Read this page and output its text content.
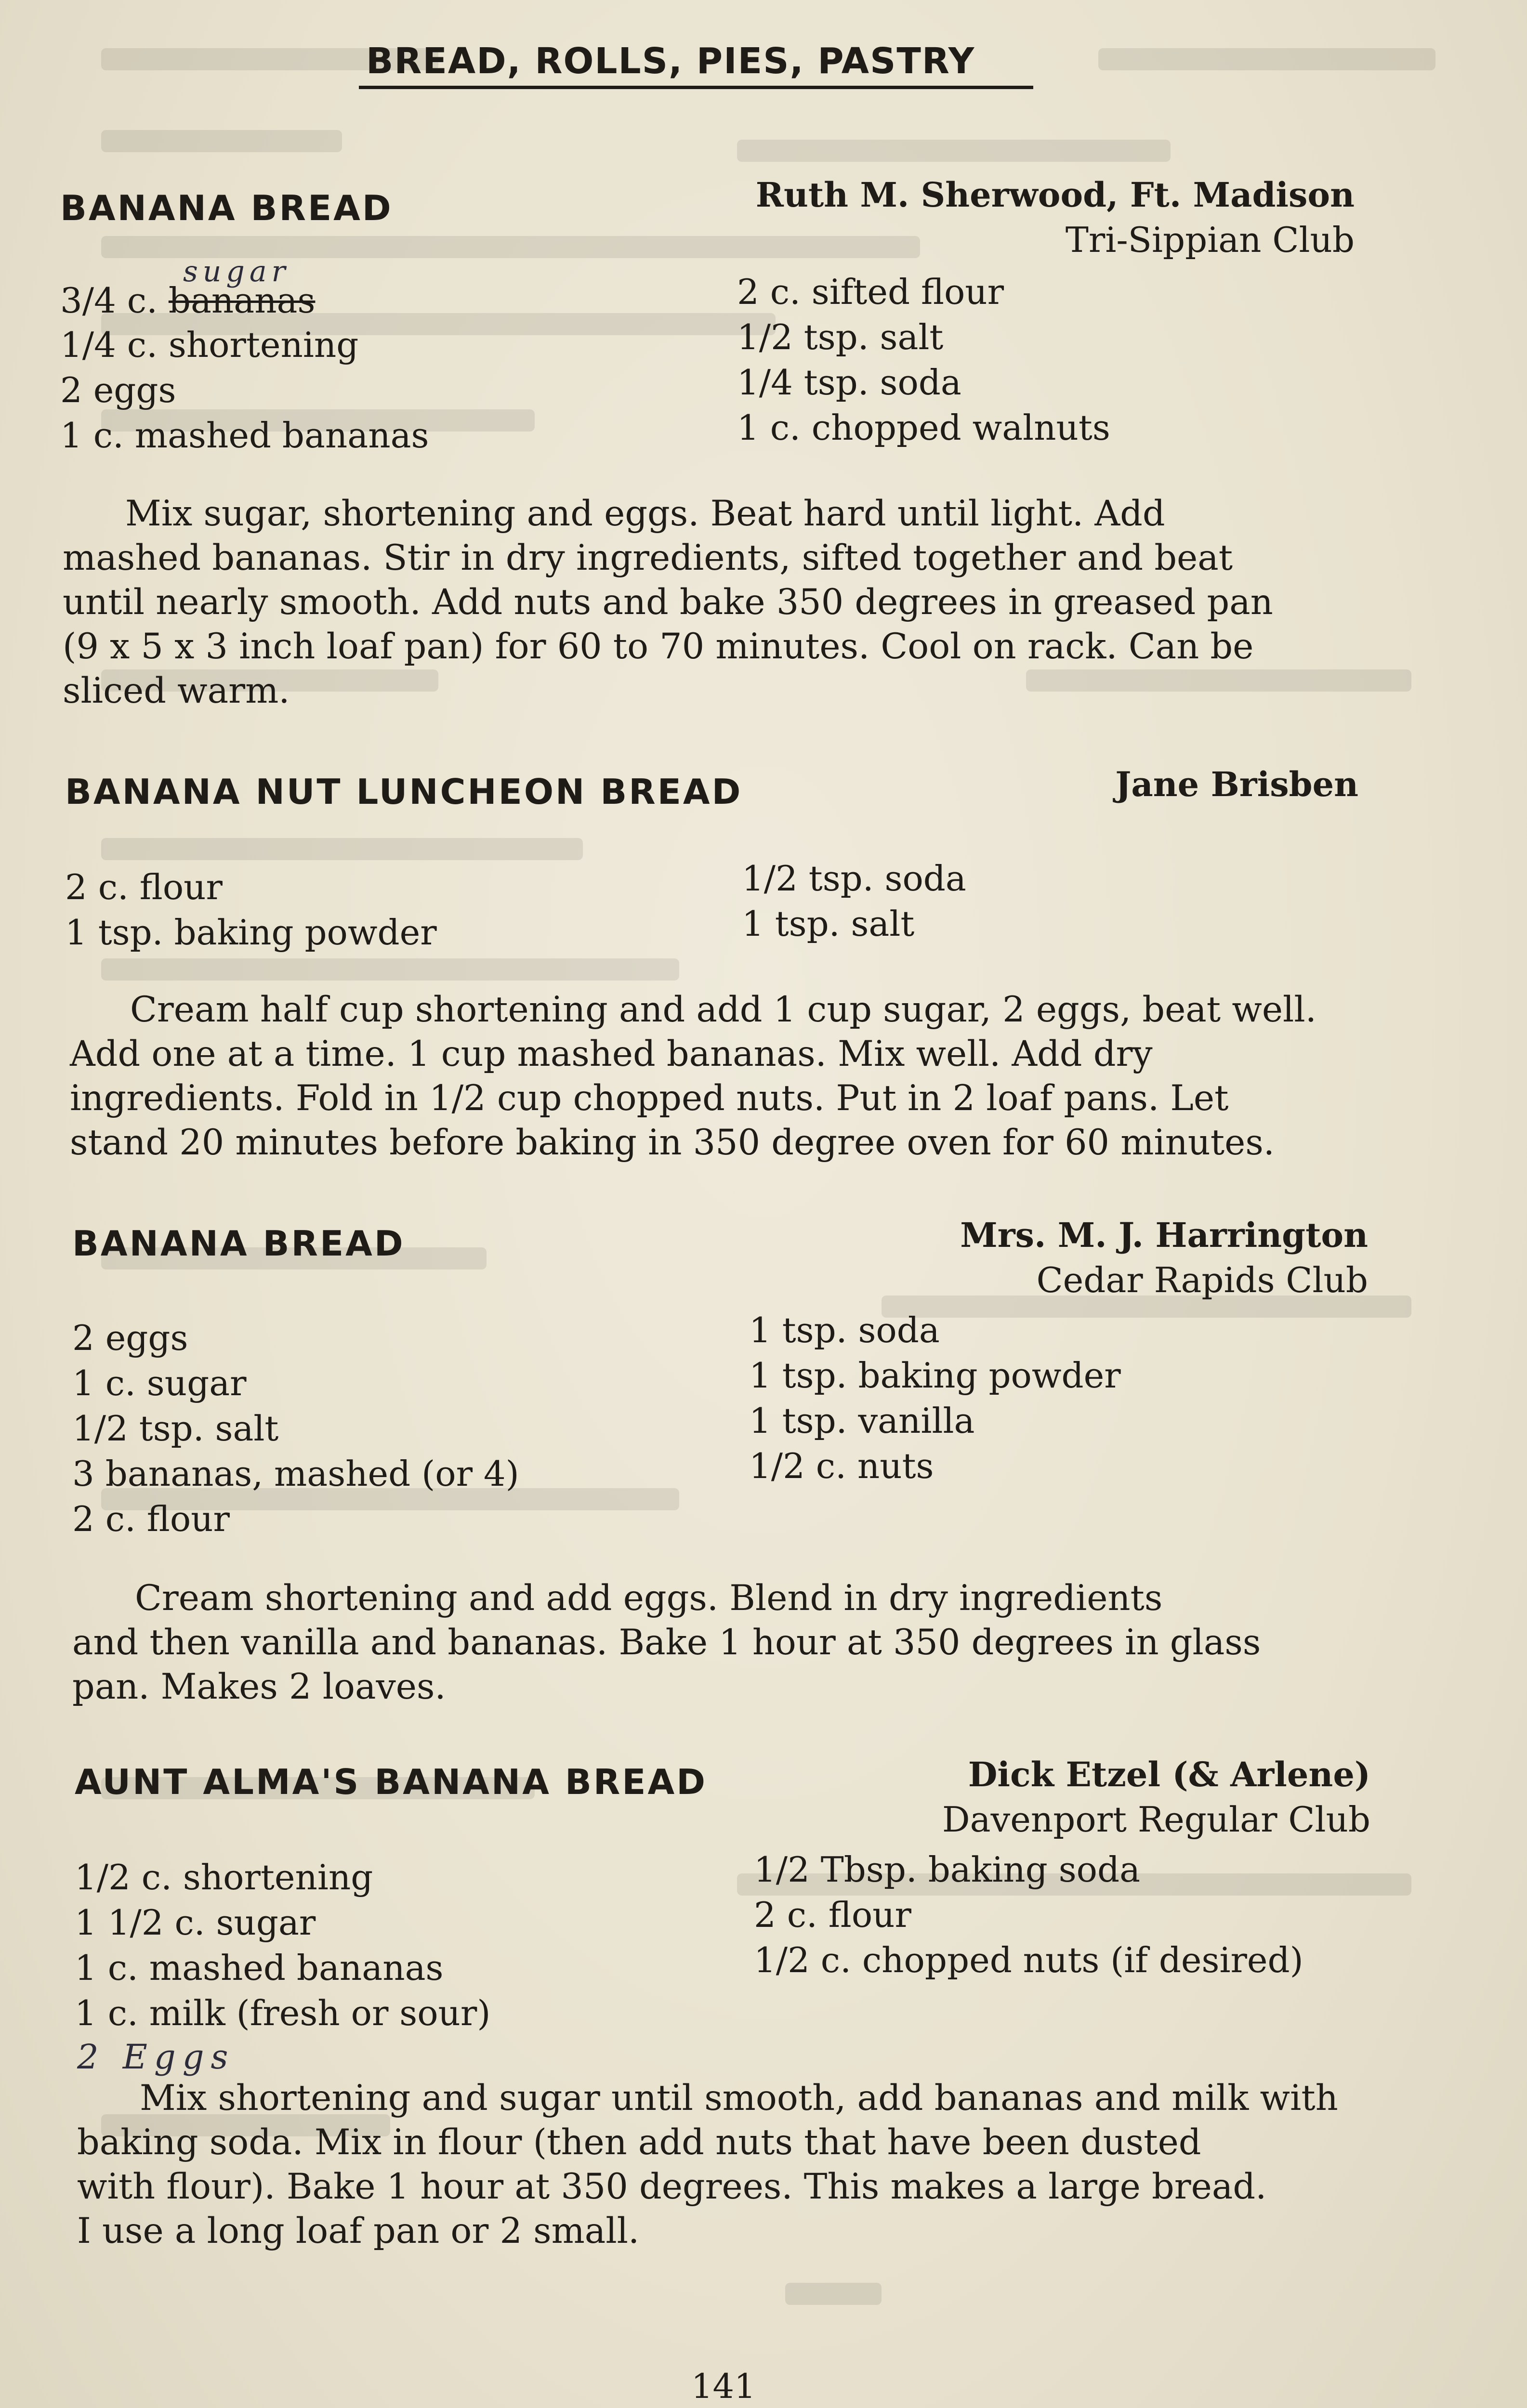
BREAD, ROLLS, PIES, PASTRY
BANANA BREAD	Ruth M. Sherwood, Ft. Madison
Tri-Sippian Club
sugar
3/4 c. bananas
1/4 c. shortening
2 eggs
1 c. mashed bananas
2 c. sifted flour
1/2 tsp. salt
1/4 tsp. soda
1 c. chopped walnuts
Mix sugar, shortening and eggs. Beat hard until light. Add
mashed bananas. Stir in dry ingredients, sifted together and beat
until nearly smooth. Add nuts and bake 350 degrees in greased pan
(9 x 5 x 3 inch loaf pan) for 60 to 70 minutes. Cool on rack. Can be
sliced warm.
BANANA NUT LUNCHEON BREAD	Jane Brisben
2 c. flour
1 tsp. baking powder
1/2 tsp. soda
1 tsp. salt
Cream half cup shortening and add 1 cup sugar, 2 eggs, beat well.
Add one at a time. 1 cup mashed bananas. Mix well. Add dry
ingredients. Fold in 1/2 cup chopped nuts. Put in 2 loaf pans. Let
stand 20 minutes before baking in 350 degree oven for 60 minutes.
BANANA BREAD	Mrs. M. J. Harrington
Cedar Rapids Club
2 eggs
1 c. sugar
1/2 tsp. salt
3 bananas, mashed (or 4)
2 c. flour
1 tsp. soda
1 tsp. baking powder
1 tsp. vanilla
1/2 c. nuts
Cream shortening and add eggs. Blend in dry ingredients
and then vanilla and bananas. Bake 1 hour at 350 degrees in glass
pan. Makes 2 loaves.
AUNT ALMA'S BANANA BREAD	Dick Etzel (& Arlene)
Davenport Regular Club
1/2 c. shortening
1 1/2 c. sugar
1 c. mashed bananas
1 c. milk (fresh or sour)
1/2 Tbsp. baking soda
2 c. flour
1/2 c. chopped nuts (if desired)
2 Eggs
Mix shortening and sugar until smooth, add bananas and milk with
baking soda. Mix in flour (then add nuts that have been dusted
with flour). Bake 1 hour at 350 degrees. This makes a large bread.
I use a long loaf pan or 2 small.
141
